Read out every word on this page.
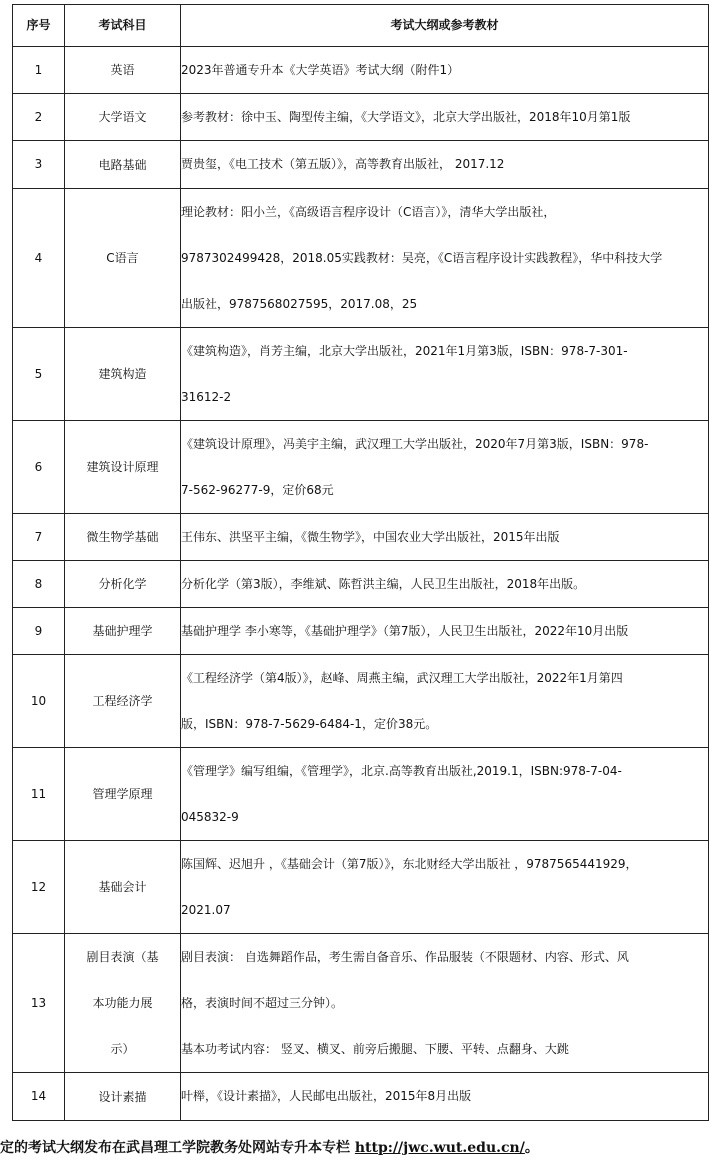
序号	考试科目	考试大纲或参考教材
1	英语	2023年普通专升本《大学英语》考试大纲（附件1）

2	大学语文	参考教材：徐中玉、陶型传主编，《大学语文》，北京大学出版社，2018年10月第1版

3	电路基础	贾贵玺，《电工技术（第五版）》，高等教育出版社， 2017.12

4	C语言	理论教材：阳小兰，《高级语言程序设计（C语言）》，清华大学出版社，
9787302499428，2018.05实践教材：吴亮，《C语言程序设计实践教程》，华中科技大学
出版社，9787568027595，2017.08，25

5	建筑构造	《建筑构造》，肖芳主编，北京大学出版社，2021年1月第3版，ISBN：978-7-301-
31612-2

6	建筑设计原理	《建筑设计原理》，冯美宇主编，武汉理工大学出版社，2020年7月第3版，ISBN：978-
7-562-96277-9，定价68元

7	微生物学基础	王伟东、洪坚平主编，《微生物学》，中国农业大学出版社，2015年出版

8	分析化学	分析化学（第3版），李维斌、陈哲洪主编，人民卫生出版社，2018年出版。

9	基础护理学	基础护理学 李小寒等，《基础护理学》（第7版），人民卫生出版社，2022年10月出版

10	工程经济学	《工程经济学（第4版）》，赵峰、周燕主编，武汉理工大学出版社，2022年1月第四
版，ISBN：978-7-5629-6484-1，定价38元。

11	管理学原理	《管理学》编写组编，《管理学》，北京.高等教育出版社,2019.1，ISBN:978-7-04-
045832-9

12	基础会计	陈国辉、迟旭升 ，《基础会计（第7版）》，东北财经大学出版社 ，9787565441929，
2021.07

13	剧目表演（基
本功能力展
示）	剧目表演： 自选舞蹈作品，考生需自备音乐、作品服装（不限题材、内容、形式、风
格，表演时间不超过三分钟）。
基本功考试内容： 竖叉、横叉、前旁后搬腿、下腰、平转、点翻身、大跳

14	设计素描	叶榉，《设计素描》，人民邮电出版社，2015年8月出版
定的考试大纲发布在武昌理工学院教务处网站专升本专栏 http://jwc.wut.edu.cn/。
